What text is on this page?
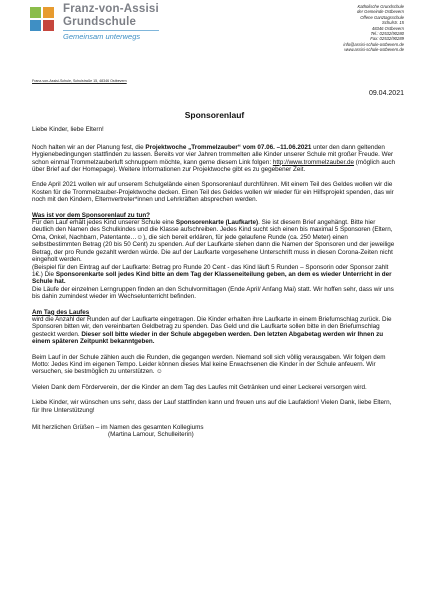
Franz-von-Assisi
Grundschule
Gemeinsam unterwegs
Katholische Grundschule
der Gemeinde Ostbevern
Offene Ganztagsschule
Schulstr. 15
48346 Ostbevern
Tel.: 02532/90280
Fax: 02532/90289
info@assisi-schule-ostbevern.de
www.assisi-schule-ostbevern.de
Franz-von-Assisi-Schule, Schulstraße 15, 48346 Ostbevern
09.04.2021

Sponsorenlauf

Liebe Kinder, liebe Eltern!

Noch halten wir an der Planung fest, die Projektwoche „Trommelzauber“ vom 07.06. –11.06.2021 unter den dann geltenden Hygienebedingungen stattfinden zu lassen. Bereits vor vier Jahren trommelten alle Kinder unserer Schule mit großer Freude. Wer schon einmal Trommelzauberluft schnuppern möchte, kann gerne diesem Link folgen: http://www.trommelzauber.de (möglich auch über Brief auf der Homepage). Weitere Informationen zur Projektwoche gibt es zu gegebener Zeit.

Ende April 2021 wollen wir auf unserem Schulgelände einen Sponsorenlauf durchführen. Mit einem Teil des Geldes wollen wir die Kosten für die Trommelzauber-Projektwoche decken. Einen Teil des Geldes wollen wir wieder für ein Hilfsprojekt spenden, das wir noch mit den Kindern, Elternvertreter*innen und Lehrkräften absprechen werden.

Was ist vor dem Sponsorenlauf zu tun?

Für den Lauf erhält jedes Kind unserer Schule eine Sponsorenkarte (Laufkarte). Sie ist diesem Brief angehängt. Bitte hier deutlich den Namen des Schulkindes und die Klasse aufschreiben. Jedes Kind sucht sich einen bis maximal 5 Sponsoren (Eltern, Oma, Onkel, Nachbarn, Patentante…☺), die sich bereit erklären, für jede gelaufene Runde (ca. 250 Meter) einen selbstbestimmten Betrag (20 bis 50 Cent) zu spenden. Auf der Laufkarte stehen dann die Namen der Sponsoren und der jeweilige Betrag, der pro Runde gezahlt werden würde. Die auf der Laufkarte vorgesehene Unterschrift muss in diesen Corona-Zeiten nicht eingeholt werden.

(Beispiel für den Eintrag auf der Laufkarte: Betrag pro Runde 20 Cent - das Kind läuft 5 Runden – Sponsorin oder Sponsor zahlt 1€.) Die Sponsorenkarte soll jedes Kind bitte an dem Tag der Klasseneiteilung geben, an dem es wieder Unterricht in der Schule hat.

Die Läufe der einzelnen Lerngruppen finden an den Schulvormittagen (Ende April/ Anfang Mai) statt. Wir hoffen sehr, dass wir uns bis dahin zumindest wieder im Wechselunterricht befinden.

Am Tag des Laufes

wird die Anzahl der Runden auf der Laufkarte eingetragen. Die Kinder erhalten ihre Laufkarte in einem Briefumschlag zurück. Die Sponsoren bitten wir, den vereinbarten Geldbetrag zu spenden. Das Geld und die Laufkarte sollen bitte in den Briefumschlag gesteckt werden. Dieser soll bitte wieder in der Schule abgegeben werden. Den letzten Abgabetag werden wir Ihnen zu einem späteren Zeitpunkt bekanntgeben.

Beim Lauf in der Schule zählen auch die Runden, die gegangen werden. Niemand soll sich völlig verausgaben. Wir folgen dem Motto: Jedes Kind im eigenen Tempo. Leider können dieses Mal keine Erwachsenen die Kinder in der Schule anfeuern. Wir versuchen, sie bestmöglich zu unterstützen. ☺

Vielen Dank dem Förderverein, der die Kinder an dem Tag des Laufes mit Getränken und einer Leckerei versorgen wird.

Liebe Kinder, wir wünschen uns sehr, dass der Lauf stattfinden kann und freuen uns auf die Laufaktion! Vielen Dank, liebe Eltern, für Ihre Unterstützung!

Mit herzlichen Grüßen – im Namen des gesamten Kollegiums

(Martina Lamour, Schulleiterin)
